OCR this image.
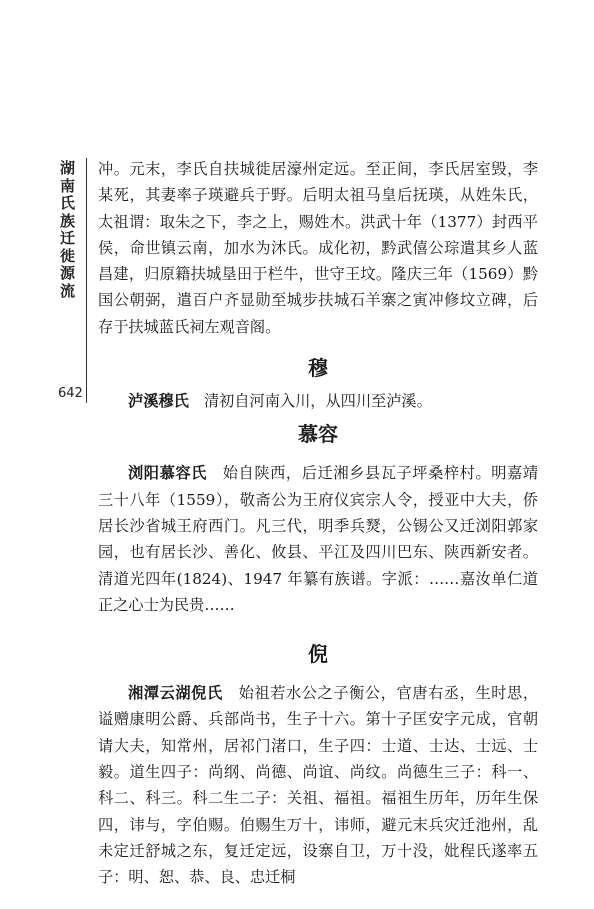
湖南氏族迁徙源流
642

冲。元末，李氏自扶城徙居濠州定远。至正间，李氏居室毁，李某死，其妻率子瑛避兵于野。后明太祖马皇后抚瑛，从姓朱氏，太祖谓：取朱之下，李之上，赐姓木。洪武十年（1377）封西平侯，命世镇云南，加水为沐氏。成化初，黔武僖公琮遣其乡人蓝昌建，归原籍扶城垦田于栏牛，世守王坟。隆庆三年（1569）黔国公朝弼，遣百户齐显勋至城步扶城石羊寨之寅冲修坟立碑，后存于扶城蓝氏祠左观音阁。

穆

泸溪穆氏　 清初自河南入川，从四川至泸溪。

慕容

浏阳慕容氏　 始自陕西，后迁湘乡县瓦子坪桑梓村。明嘉靖三十八年（1559），敬斋公为王府仪宾宗人令，授亚中大夫，侨居长沙省城王府西门。凡三代，明季兵燹，公锡公又迁浏阳郭家园，也有居长沙、善化、攸县、平江及四川巴东、陕西新安者。清道光四年(1824)、1947 年纂有族谱。字派：……嘉汝单仁道正之心士为民贵……

倪

湘潭云湖倪氏　 始祖若水公之子衡公，官唐右丞，生时思，谥赠康明公爵、兵部尚书，生子十六。第十子匡安字元成，官朝请大夫，知常州，居祁门渚口，生子四：士道、士达、士远、士毅。道生四子：尚纲、尚德、尚谊、尚纹。尚德生三子：科一、科二、科三。科二生二子：关祖、福祖。福祖生历年，历年生保四，讳与，字伯赐。伯赐生万十，讳师，避元末兵灾迁池州，乱未定迁舒城之东，复迁定远，设寨自卫，万十没，妣程氏遂率五子：明、恕、恭、良、忠迁桐
